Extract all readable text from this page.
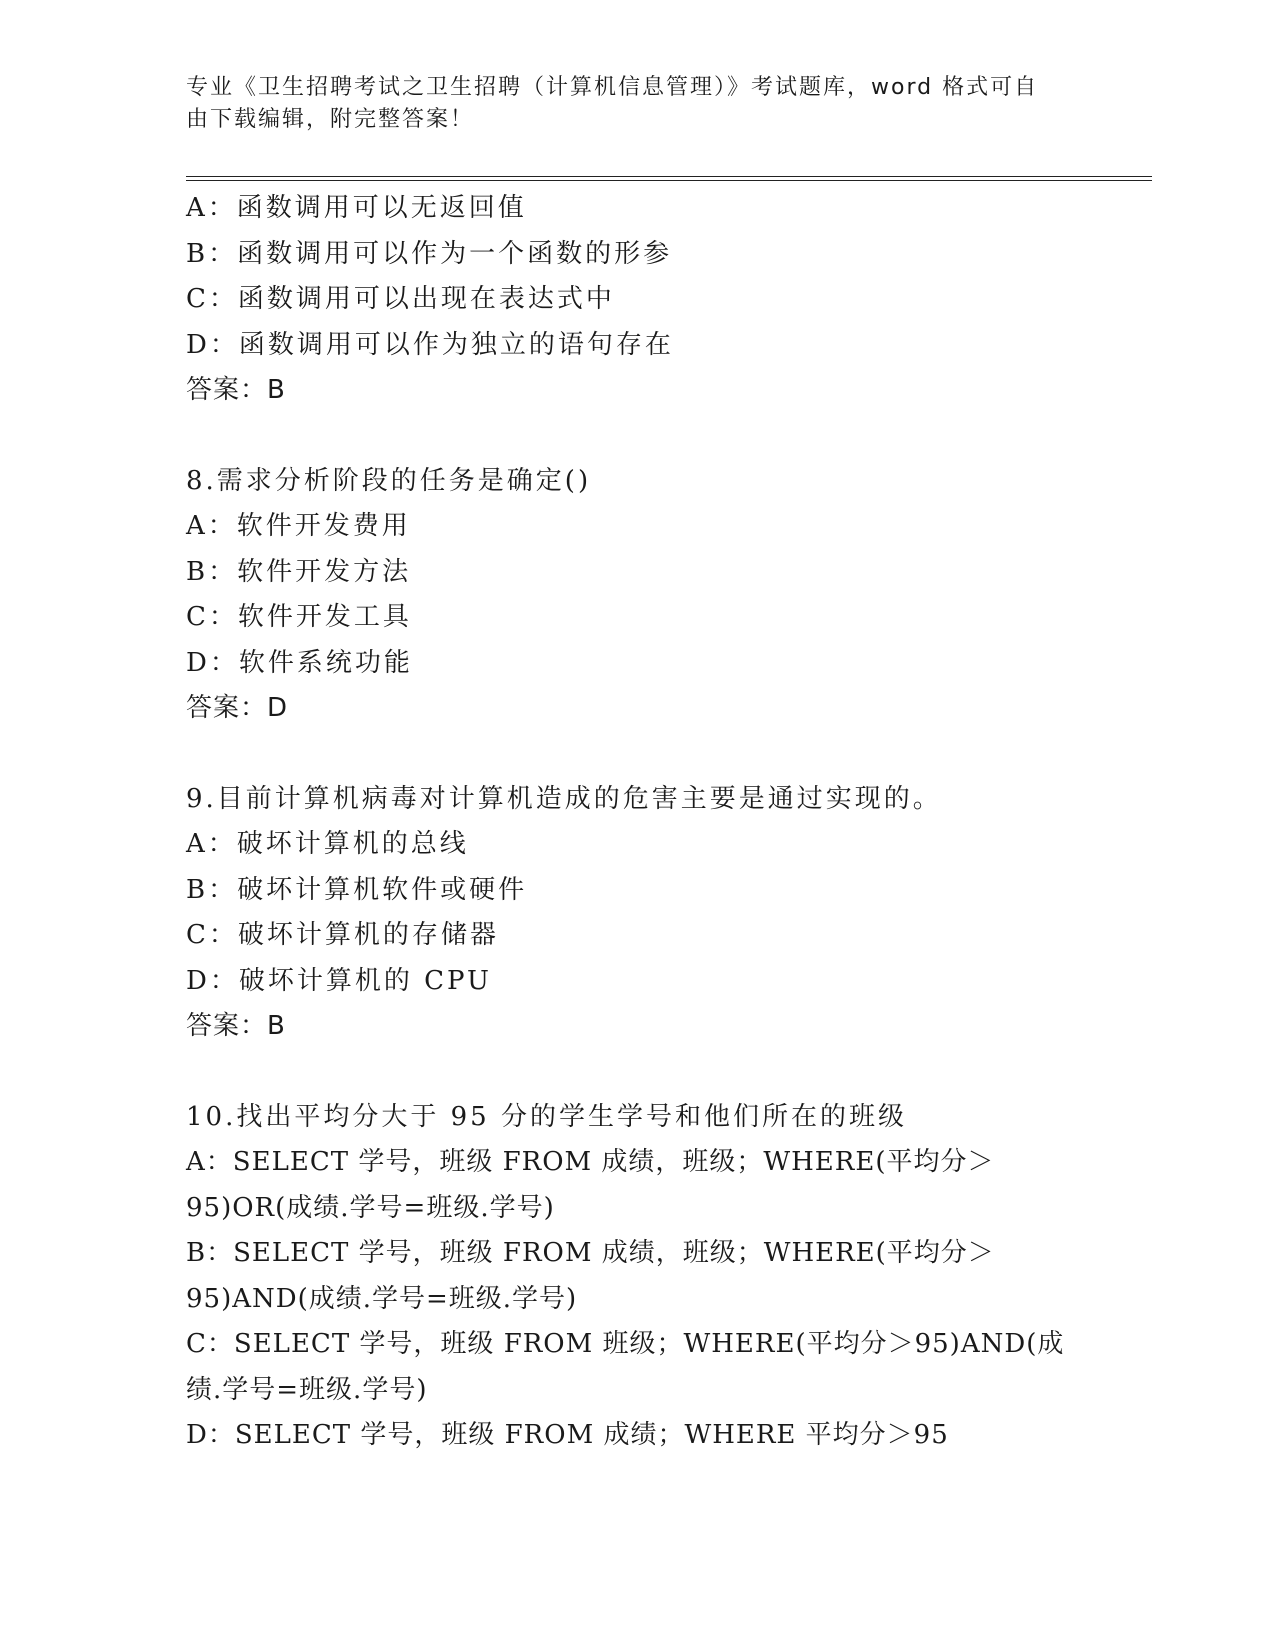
专业《卫生招聘考试之卫生招聘（计算机信息管理）》考试题库，word 格式可自
由下载编辑，附完整答案！
A：函数调用可以无返回值
B：函数调用可以作为一个函数的形参
C：函数调用可以出现在表达式中
D：函数调用可以作为独立的语句存在
答案：B
8.需求分析阶段的任务是确定()
A：软件开发费用
B：软件开发方法
C：软件开发工具
D：软件系统功能
答案：D
9.目前计算机病毒对计算机造成的危害主要是通过实现的。
A：破坏计算机的总线
B：破坏计算机软件或硬件
C：破坏计算机的存储器
D：破坏计算机的 CPU
答案：B
10.找出平均分大于 95 分的学生学号和他们所在的班级
A：SELECT 学号，班级 FROM 成绩，班级；WHERE(平均分＞95)OR(成绩.学号=班级.学号)
B：SELECT 学号，班级 FROM 成绩，班级；WHERE(平均分＞95)AND(成绩.学号=班级.学号)
C：SELECT 学号，班级 FROM 班级；WHERE(平均分＞95)AND(成绩.学号=班级.学号)
D：SELECT 学号，班级 FROM 成绩；WHERE 平均分＞95
